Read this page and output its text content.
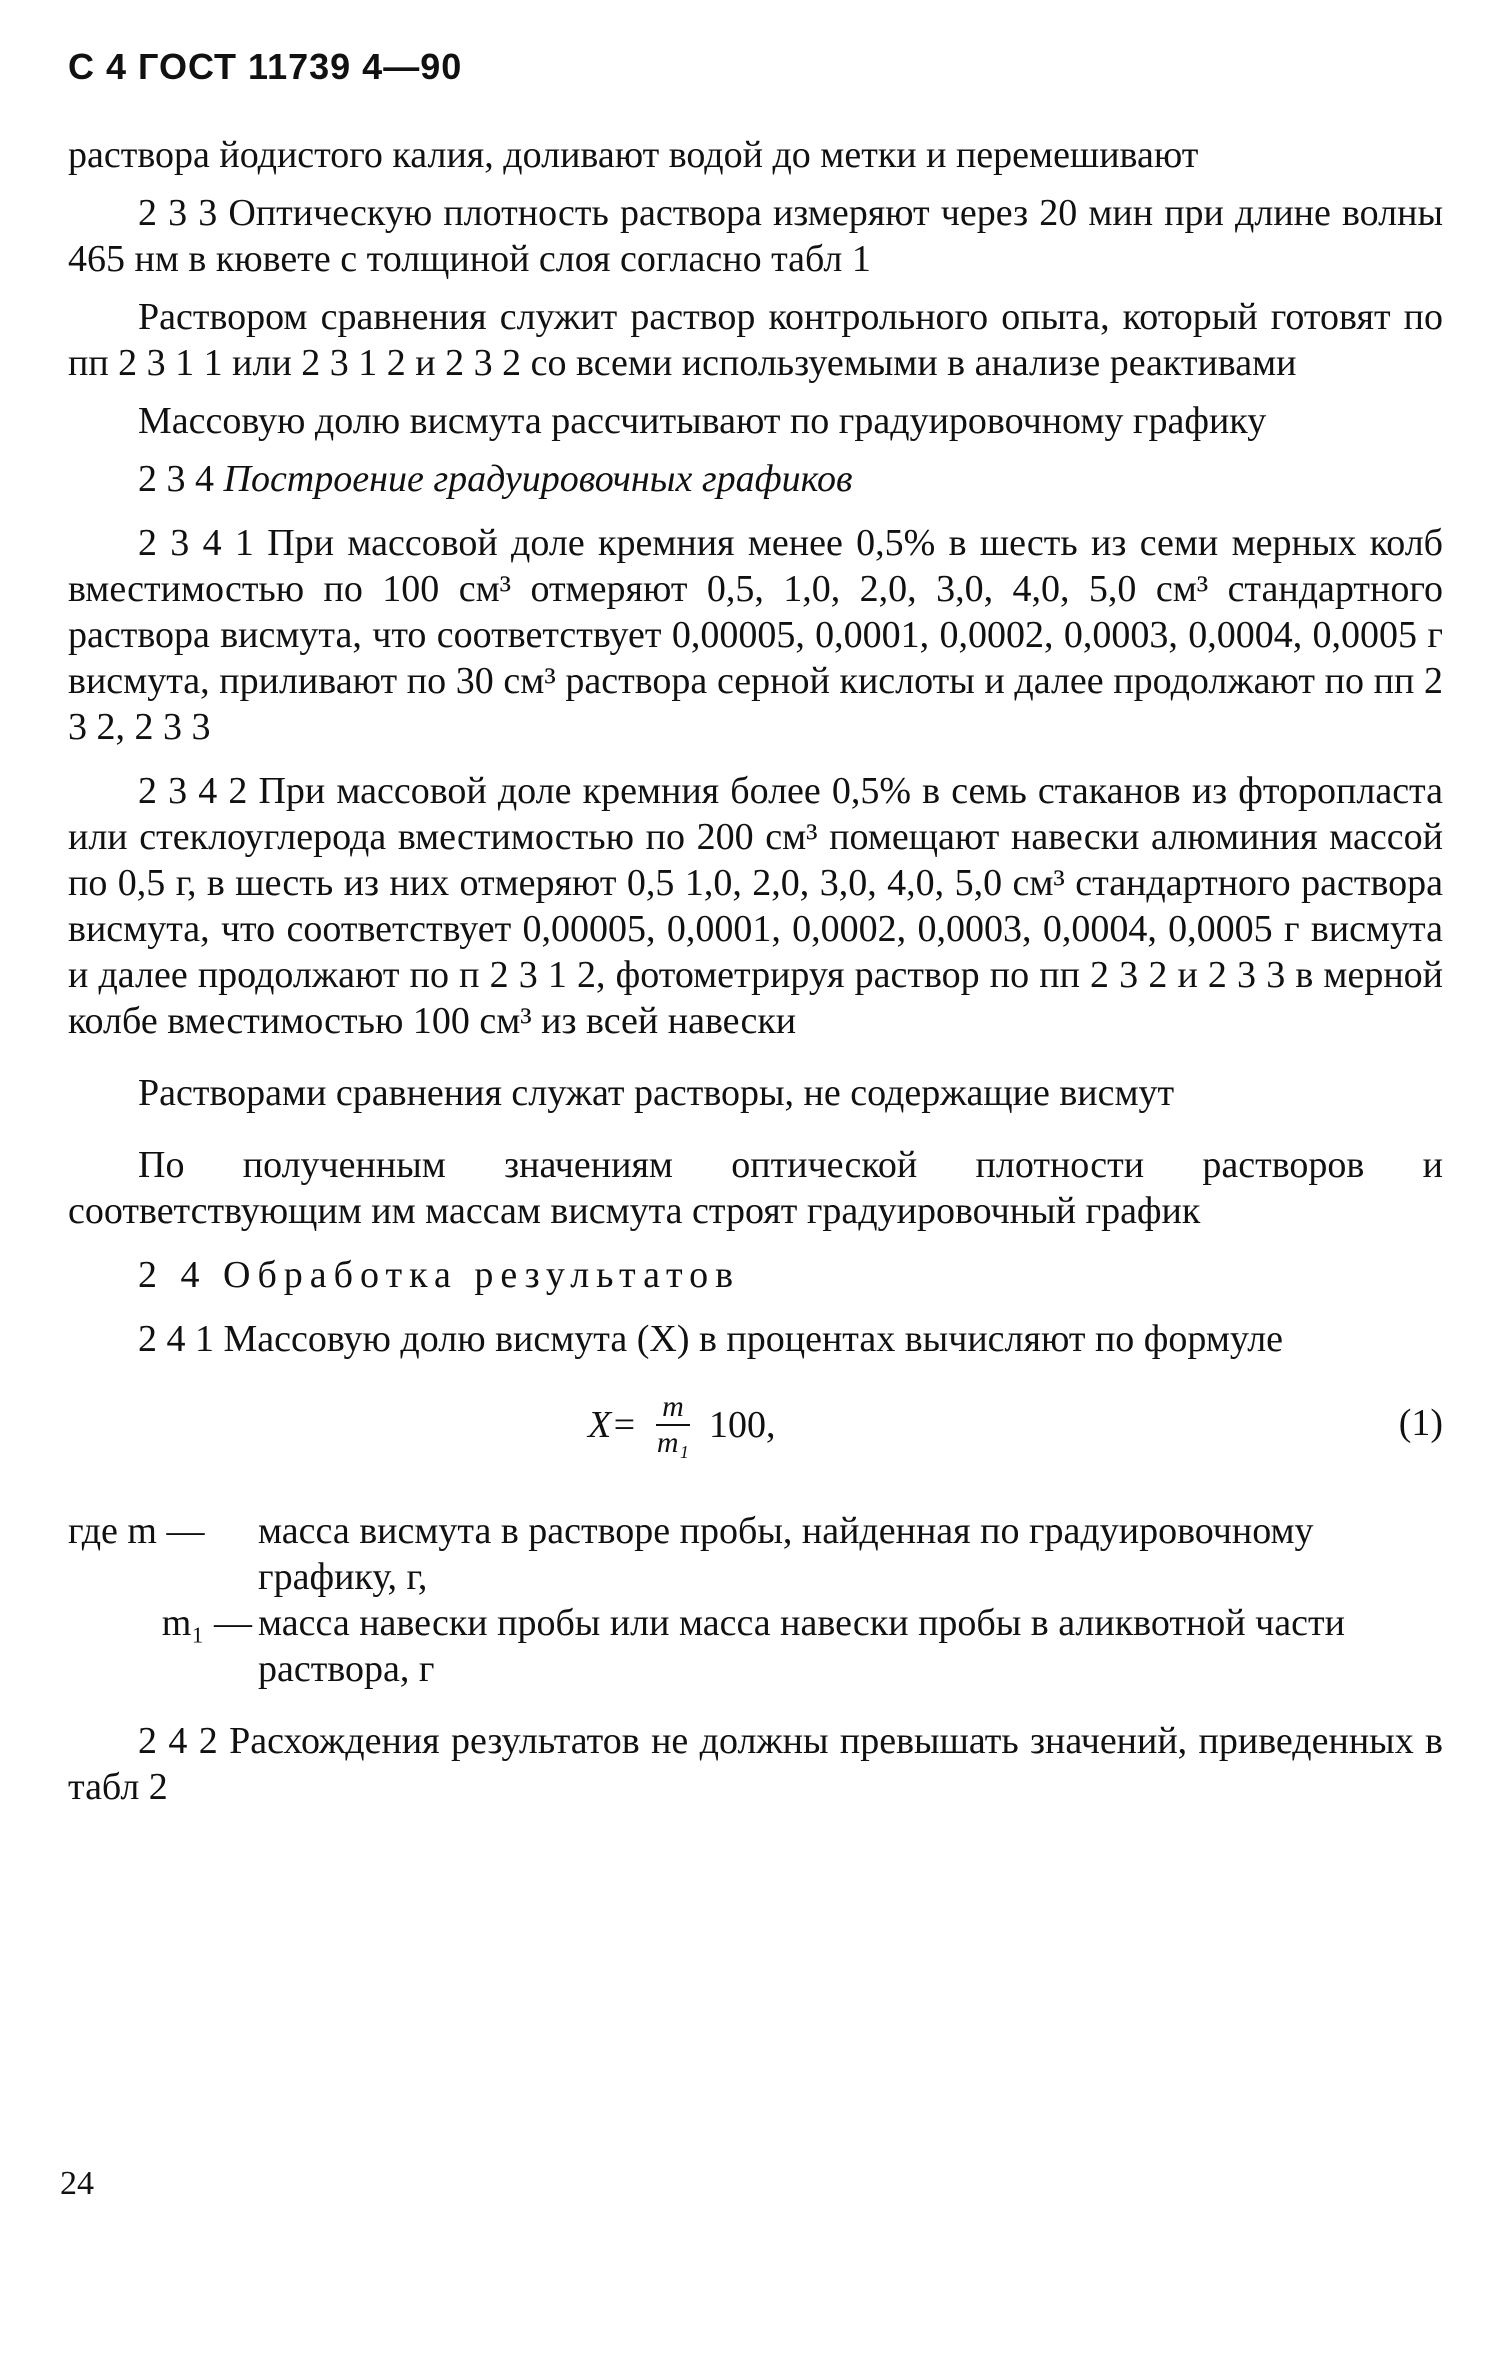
С 4 ГОСТ 11739 4—90

раствора йодистого калия, доливают водой до метки и перемешивают

2 3 3 Оптическую плотность раствора измеряют через 20 мин при длине волны 465 нм в кювете с толщиной слоя согласно табл 1

Раствором сравнения служит раствор контрольного опыта, который готовят по пп 2 3 1 1 или 2 3 1 2 и 2 3 2 со всеми используемыми в анализе реактивами

Массовую долю висмута рассчитывают по градуировочному графику

2 3 4 Построение градуировочных графиков

2 3 4 1 При массовой доле кремния менее 0,5% в шесть из семи мерных колб вместимостью по 100 см³ отмеряют 0,5, 1,0, 2,0, 3,0, 4,0, 5,0 см³ стандартного раствора висмута, что соответствует 0,00005, 0,0001, 0,0002, 0,0003, 0,0004, 0,0005 г висмута, приливают по 30 см³ раствора серной кислоты и далее продолжают по пп 2 3 2, 2 3 3

2 3 4 2 При массовой доле кремния более 0,5% в семь стаканов из фторопласта или стеклоуглерода вместимостью по 200 см³ помещают навески алюминия массой по 0,5 г, в шесть из них отмеряют 0,5 1,0, 2,0, 3,0, 4,0, 5,0 см³ стандартного раствора висмута, что соответствует 0,00005, 0,0001, 0,0002, 0,0003, 0,0004, 0,0005 г висмута и далее продолжают по п 2 3 1 2, фотометрируя раствор по пп 2 3 2 и 2 3 3 в мерной колбе вместимостью 100 см³ из всей навески

Растворами сравнения служат растворы, не содержащие висмут

По полученным значениям оптической плотности растворов и соответствующим им массам висмута строят градуировочный график

2 4 Обработка результатов

2 4 1 Массовую долю висмута (X) в процентах вычисляют по формуле

$X= \frac{m}{\text{m₁}} 100$,	(1)
где m —	масса висмута в растворе пробы, найденная по градуировочному графику, г,
m₁ — масса навески пробы или масса навески пробы в аликвотной части раствора, г

2 4 2 Расхождения результатов не должны превышать значений, приведенных в табл 2

24
